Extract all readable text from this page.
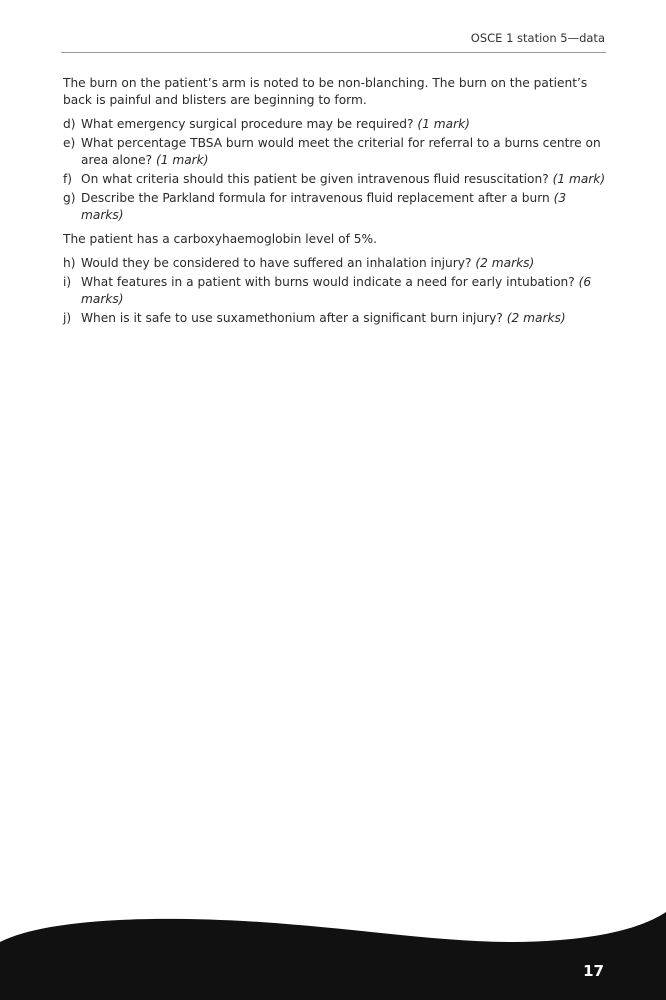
OSCE 1 station 5—data

The burn on the patient’s arm is noted to be non-blanching. The burn on the patient’s back is painful and blisters are beginning to form.

d) What emergency surgical procedure may be required? (1 mark)
e) What percentage TBSA burn would meet the criterial for referral to a burns centre on area alone? (1 mark)
f) On what criteria should this patient be given intravenous fluid resuscitation? (1 mark)
g) Describe the Parkland formula for intravenous fluid replacement after a burn (3 marks)

The patient has a carboxyhaemoglobin level of 5%.

h) Would they be considered to have suffered an inhalation injury? (2 marks)
i) What features in a patient with burns would indicate a need for early intubation? (6 marks)
j) When is it safe to use suxamethonium after a significant burn injury? (2 marks)
17
